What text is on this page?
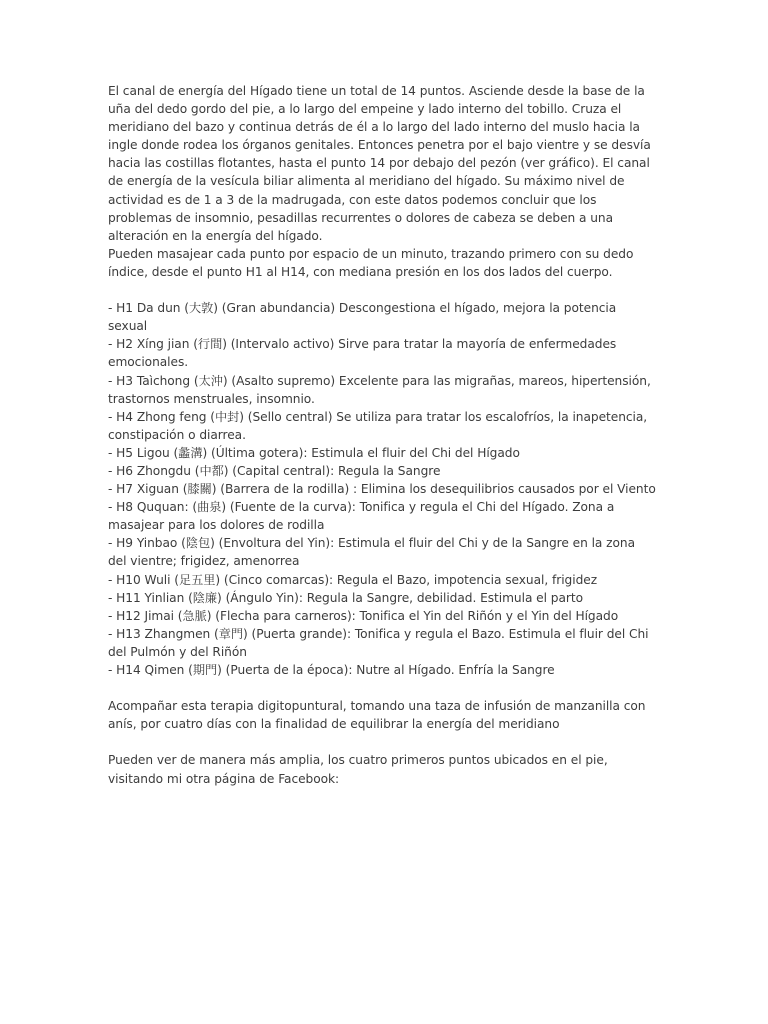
El canal de energía del Hígado tiene un total de 14 puntos. Asciende desde la base de la uña del dedo gordo del pie, a lo largo del empeine y lado interno del tobillo. Cruza el meridiano del bazo y continua detrás de él a lo largo del lado interno del muslo hacia la ingle donde rodea los órganos genitales. Entonces penetra por el bajo vientre y se desvía hacia las costillas flotantes, hasta el punto 14 por debajo del pezón (ver gráfico). El canal de energía de la vesícula biliar alimenta al meridiano del hígado. Su máximo nivel de actividad es de 1 a 3 de la madrugada, con este datos podemos concluir que los problemas de insomnio, pesadillas recurrentes o dolores de cabeza se deben a una alteración en la energía del hígado.

Pueden masajear cada punto por espacio de un minuto, trazando primero con su dedo índice, desde el punto H1 al H14, con mediana presión en los dos lados del cuerpo.

- H1 Da dun (大敦) (Gran abundancia) Descongestiona el hígado, mejora la potencia sexual

- H2 Xíng jian (行間) (Intervalo activo) Sirve para tratar la mayoría de enfermedades emocionales.

- H3 Taìchong (太沖) (Asalto supremo) Excelente para las migrañas, mareos, hipertensión, trastornos menstruales, insomnio.

- H4 Zhong feng (中封) (Sello central) Se utiliza para tratar los escalofríos, la inapetencia, constipación o diarrea.

- H5 Ligou (蠡溝) (Última gotera): Estimula el fluir del Chi del Hígado

- H6 Zhongdu (中都) (Capital central): Regula la Sangre

- H7 Xiguan (膝關) (Barrera de la rodilla) : Elimina los desequilibrios causados por el Viento

- H8 Ququan: (曲泉) (Fuente de la curva): Tonifica y regula el Chi del Hígado. Zona a masajear para los dolores de rodilla

- H9 Yinbao (陰包) (Envoltura del Yin): Estimula el fluir del Chi y de la Sangre en la zona del vientre; frigidez, amenorrea

- H10 Wuli (足五里) (Cinco comarcas): Regula el Bazo, impotencia sexual, frigidez

- H11 Yinlian (陰廉) (Ángulo Yin): Regula la Sangre, debilidad. Estimula el parto

- H12 Jimai (急脈) (Flecha para carneros): Tonifica el Yin del Riñón y el Yin del Hígado

- H13 Zhangmen (章門) (Puerta grande): Tonifica y regula el Bazo. Estimula el fluir del Chi del Pulmón y del Riñón

- H14 Qimen (期門) (Puerta de la época): Nutre al Hígado. Enfría la Sangre

Acompañar esta terapia digitopuntural, tomando una taza de infusión de manzanilla con anís, por cuatro días con la finalidad de equilibrar la energía del meridiano

Pueden ver de manera más amplia, los cuatro primeros puntos ubicados en el pie, visitando mi otra página de Facebook:
